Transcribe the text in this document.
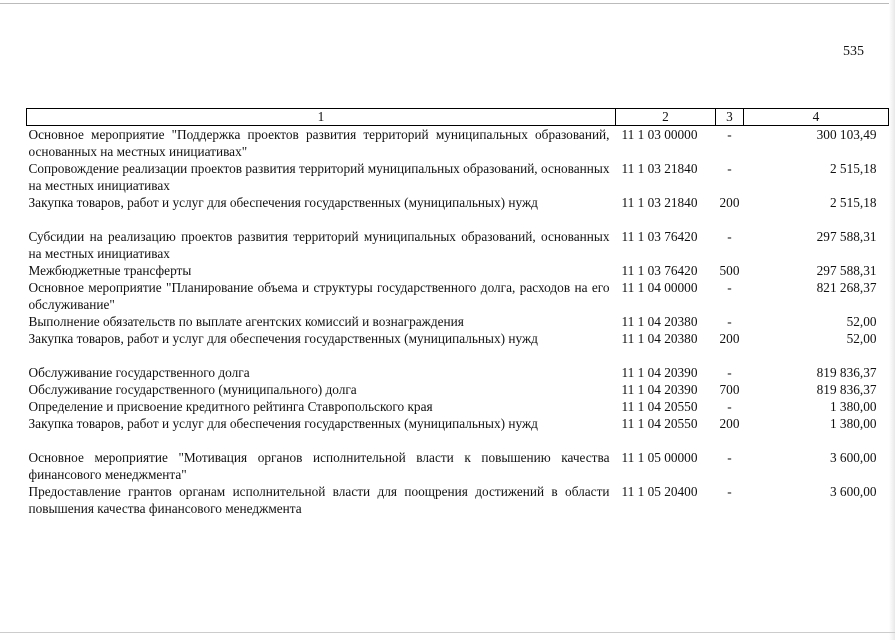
535
1	2	3	4
Основное мероприятие "Поддержка проектов развития территорий муниципальных образований, основанных на местных инициативах"	11 1 03 00000	-	300 103,49
Сопровождение реализации проектов развития территорий муниципальных образований, основанных на местных инициативах	11 1 03 21840	-	2 515,18
Закупка товаров, работ и услуг для обеспечения государственных (муниципальных) нужд	11 1 03 21840	200	2 515,18
Субсидии на реализацию проектов развития территорий муниципальных образований, основанных на местных инициативах	11 1 03 76420	-	297 588,31
Межбюджетные трансферты	11 1 03 76420	500	297 588,31
Основное мероприятие "Планирование объема и структуры государственного долга, расходов на его обслуживание"	11 1 04 00000	-	821 268,37
Выполнение обязательств по выплате агентских комиссий и вознаграждения	11 1 04 20380	-	52,00
Закупка товаров, работ и услуг для обеспечения государственных (муниципальных) нужд	11 1 04 20380	200	52,00
Обслуживание государственного долга	11 1 04 20390	-	819 836,37
Обслуживание государственного (муниципального) долга	11 1 04 20390	700	819 836,37
Определение и присвоение кредитного рейтинга Ставропольского края	11 1 04 20550	-	1 380,00
Закупка товаров, работ и услуг для обеспечения государственных (муниципальных) нужд	11 1 04 20550	200	1 380,00
Основное мероприятие "Мотивация органов исполнительной власти к повышению качества финансового менеджмента"	11 1 05 00000	-	3 600,00
Предоставление грантов органам исполнительной власти для поощрения достижений в области повышения качества финансового менеджмента	11 1 05 20400	-	3 600,00
